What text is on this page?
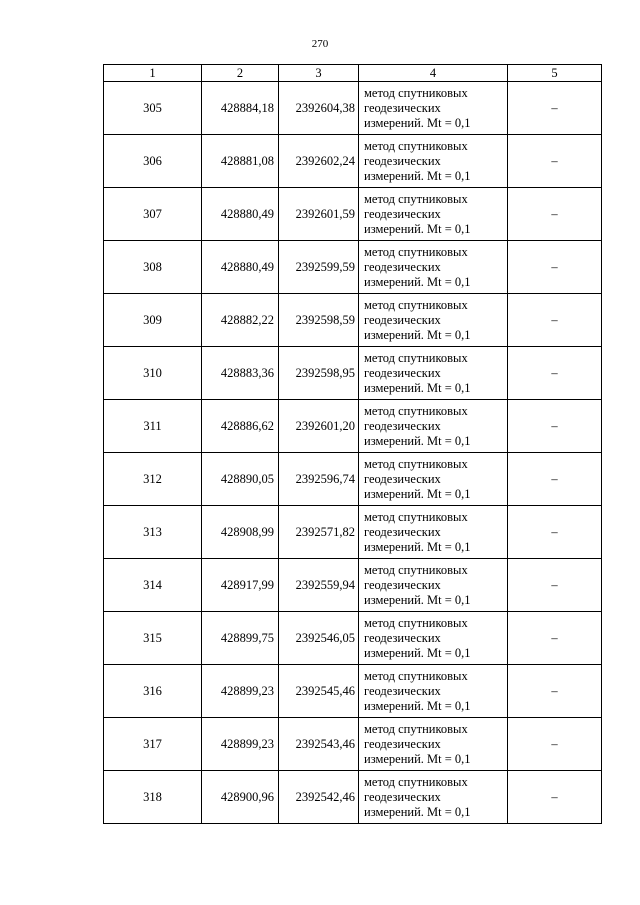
270
1	2	3	4	5
305	428884,18	2392604,38	метод спутниковых
геодезических
измерений. Mt = 0,1	–
306	428881,08	2392602,24	метод спутниковых
геодезических
измерений. Mt = 0,1	–
307	428880,49	2392601,59	метод спутниковых
геодезических
измерений. Mt = 0,1	–
308	428880,49	2392599,59	метод спутниковых
геодезических
измерений. Mt = 0,1	–
309	428882,22	2392598,59	метод спутниковых
геодезических
измерений. Mt = 0,1	–
310	428883,36	2392598,95	метод спутниковых
геодезических
измерений. Mt = 0,1	–
311	428886,62	2392601,20	метод спутниковых
геодезических
измерений. Mt = 0,1	–
312	428890,05	2392596,74	метод спутниковых
геодезических
измерений. Mt = 0,1	–
313	428908,99	2392571,82	метод спутниковых
геодезических
измерений. Mt = 0,1	–
314	428917,99	2392559,94	метод спутниковых
геодезических
измерений. Mt = 0,1	–
315	428899,75	2392546,05	метод спутниковых
геодезических
измерений. Mt = 0,1	–
316	428899,23	2392545,46	метод спутниковых
геодезических
измерений. Mt = 0,1	–
317	428899,23	2392543,46	метод спутниковых
геодезических
измерений. Mt = 0,1	–
318	428900,96	2392542,46	метод спутниковых
геодезических
измерений. Mt = 0,1	–
